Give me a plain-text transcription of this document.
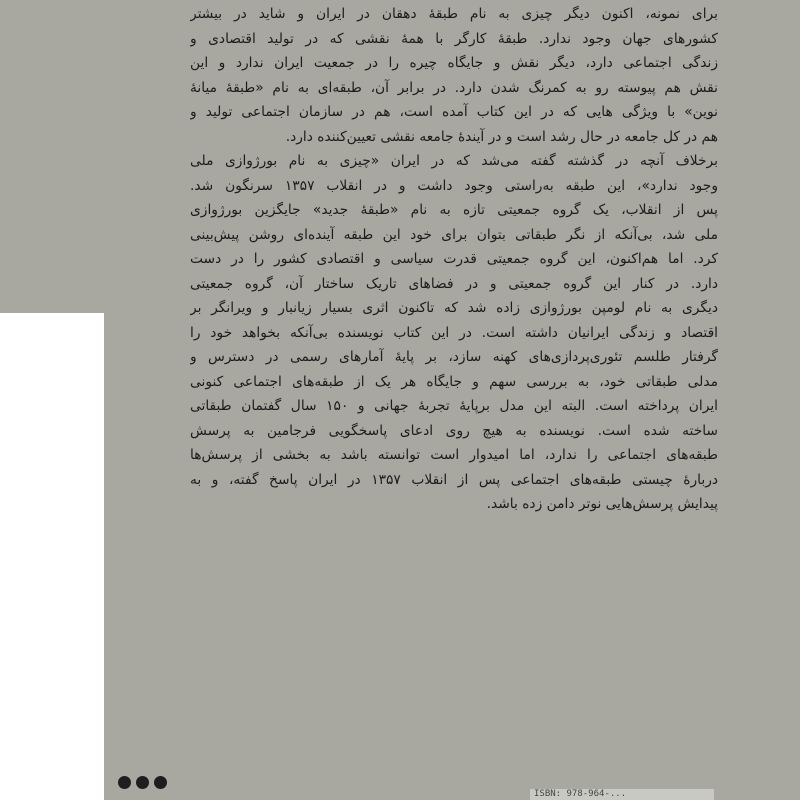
برای نمونه، اکنون دیگر چیزی به نام طبقهٔ دهقان در ایران و شاید در بیشتر
کشورهای جهان وجود ندارد. طبقهٔ کارگر با همهٔ نقشی که در تولید اقتصادی و
زندگی اجتماعی دارد، دیگر نقش و جایگاه چیره را در جمعیت ایران ندارد و این
نقش هم پیوسته رو به کمرنگ شدن دارد. در برابر آن، طبقه‌ای به نام «طبقهٔ میانهٔ
نوین» با ویژگی هایی که در این کتاب آمده است، هم در سازمان اجتماعی تولید و
هم در کل جامعه در حال رشد است و در آیندهٔ جامعه نقشی تعیین‌کننده دارد.
برخلاف آنچه در گذشته گفته می‌شد که در ایران «چیزی به نام بورژوازی ملی
وجود ندارد»، این طبقه به‌راستی وجود داشت و در انقلاب ۱۳۵۷ سرنگون شد.
پس از انقلاب، یک گروه جمعیتی تازه به نام «طبقهٔ جدید» جایگزین بورژوازی
ملی شد، بی‌آنکه از نگر طبقاتی بتوان برای خود این طبقه آینده‌ای روشن پیش‌بینی
کرد. اما هم‌اکنون، این گروه جمعیتی قدرت سیاسی و اقتصادی کشور را در دست
دارد. در کنار این گروه جمعیتی و در فضاهای تاریک ساختار آن، گروه جمعیتی
دیگری به نام لومپن بورژوازی زاده شد که تاکنون اثری بسیار زیانبار و ویرانگر بر
اقتصاد و زندگی ایرانیان داشته است. در این کتاب نویسنده بی‌آنکه بخواهد خود را
گرفتار طلسم تئوری‌پردازی‌های کهنه سازد، بر پایهٔ آمارهای رسمی در دسترس و
مدلی طبقاتی خود، به بررسی سهم و جایگاه هر یک از طبقه‌های اجتماعی کنونی
ایران پرداخته است. البته این مدل برپایهٔ تجربهٔ جهانی و ۱۵۰ سال گفتمان طبقاتی
ساخته شده است. نویسنده به هیچ روی ادعای پاسخگویی فرجامین به پرسش
طبقه‌های اجتماعی را ندارد، اما امیدوار است توانسته باشد به بخشی از پرسش‌ها
دربارهٔ چیستی طبقه‌های اجتماعی پس از انقلاب ۱۳۵۷ در ایران پاسخ گفته، و به
پیدایش پرسش‌هایی نوتر دامن زده باشد.
ISBN: 978-964-...
